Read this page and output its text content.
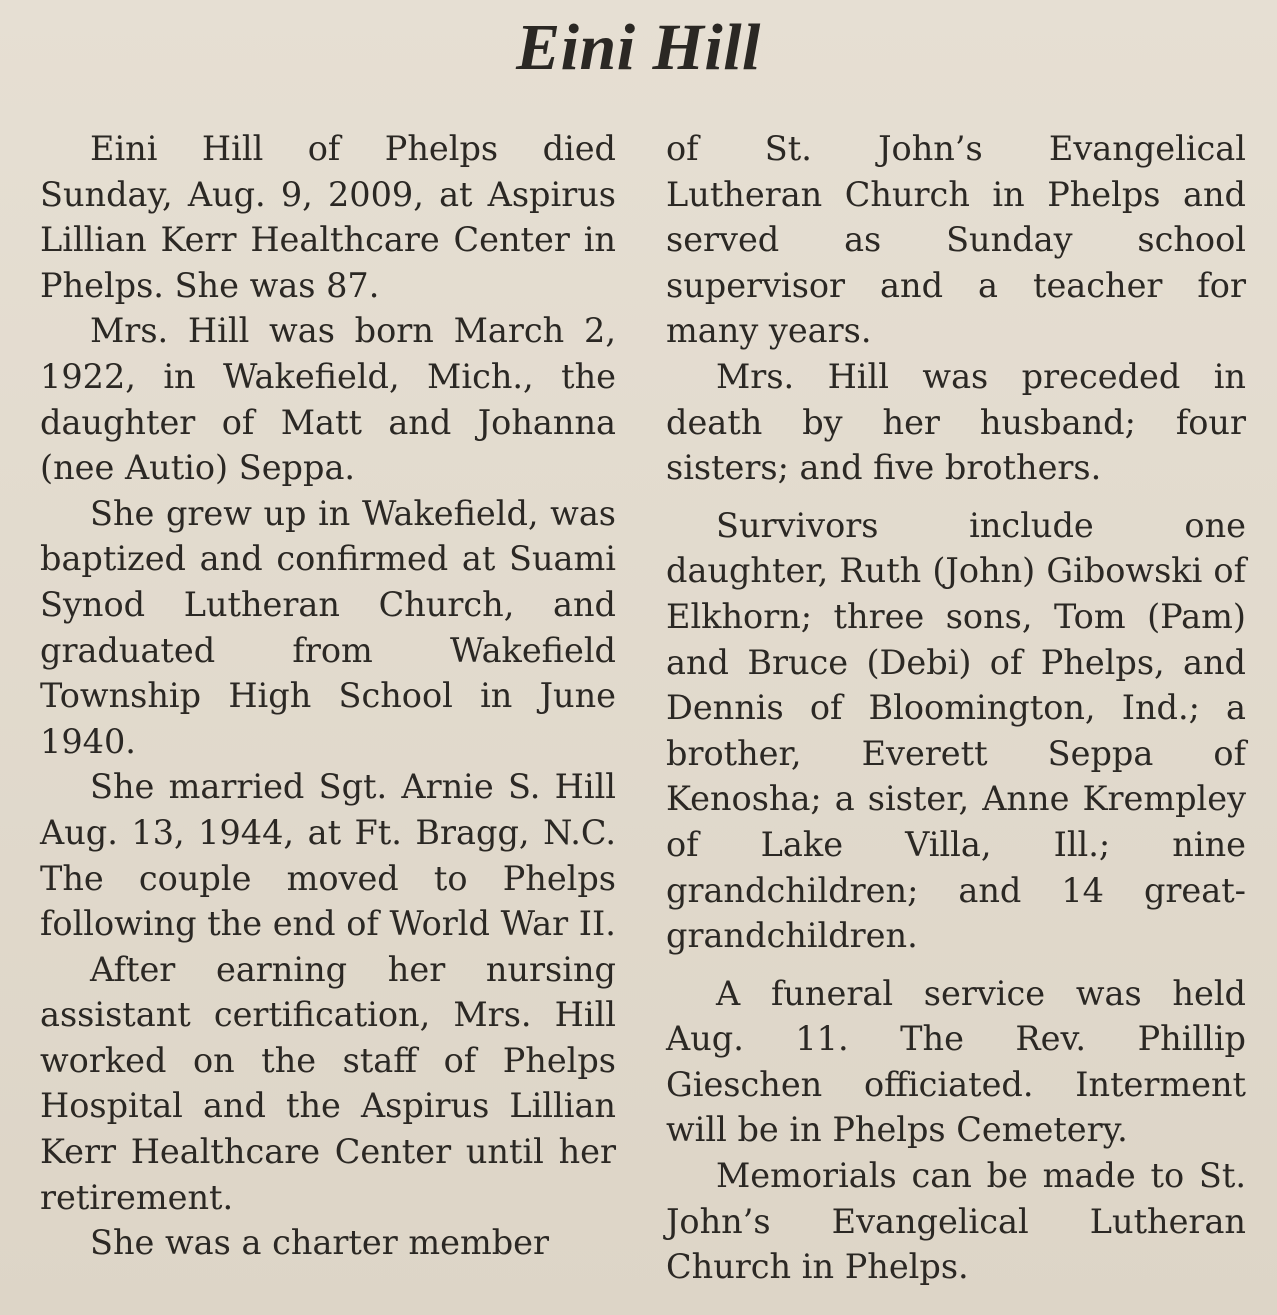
Eini Hill

Eini Hill of Phelps died Sunday, Aug. 9, 2009, at Aspirus Lillian Kerr Healthcare Center in Phelps. She was 87.

Mrs. Hill was born March 2, 1922, in Wakefield, Mich., the daughter of Matt and Johanna (nee Autio) Seppa.

She grew up in Wakefield, was baptized and confirmed at Suami Synod Lutheran Church, and graduated from Wakefield Township High School in June 1940.

She married Sgt. Arnie S. Hill Aug. 13, 1944, at Ft. Bragg, N.C. The couple moved to Phelps following the end of World War II.

After earning her nursing assistant certification, Mrs. Hill worked on the staff of Phelps Hospital and the Aspirus Lillian Kerr Healthcare Center until her retirement.

She was a charter member

of St. John’s Evangelical Lutheran Church in Phelps and served as Sunday school supervisor and a teacher for many years.

Mrs. Hill was preceded in death by her husband; four sisters; and five brothers.

Survivors include one daughter, Ruth (John) Gibowski of Elkhorn; three sons, Tom (Pam) and Bruce (Debi) of Phelps, and Dennis of Bloomington, Ind.; a brother, Everett Seppa of Kenosha; a sister, Anne Krempley of Lake Villa, Ill.; nine grandchildren; and 14 great-grandchildren.

A funeral service was held Aug. 11. The Rev. Phillip Gieschen officiated. Interment will be in Phelps Cemetery.

Memorials can be made to St. John’s Evangelical Lutheran Church in Phelps.
